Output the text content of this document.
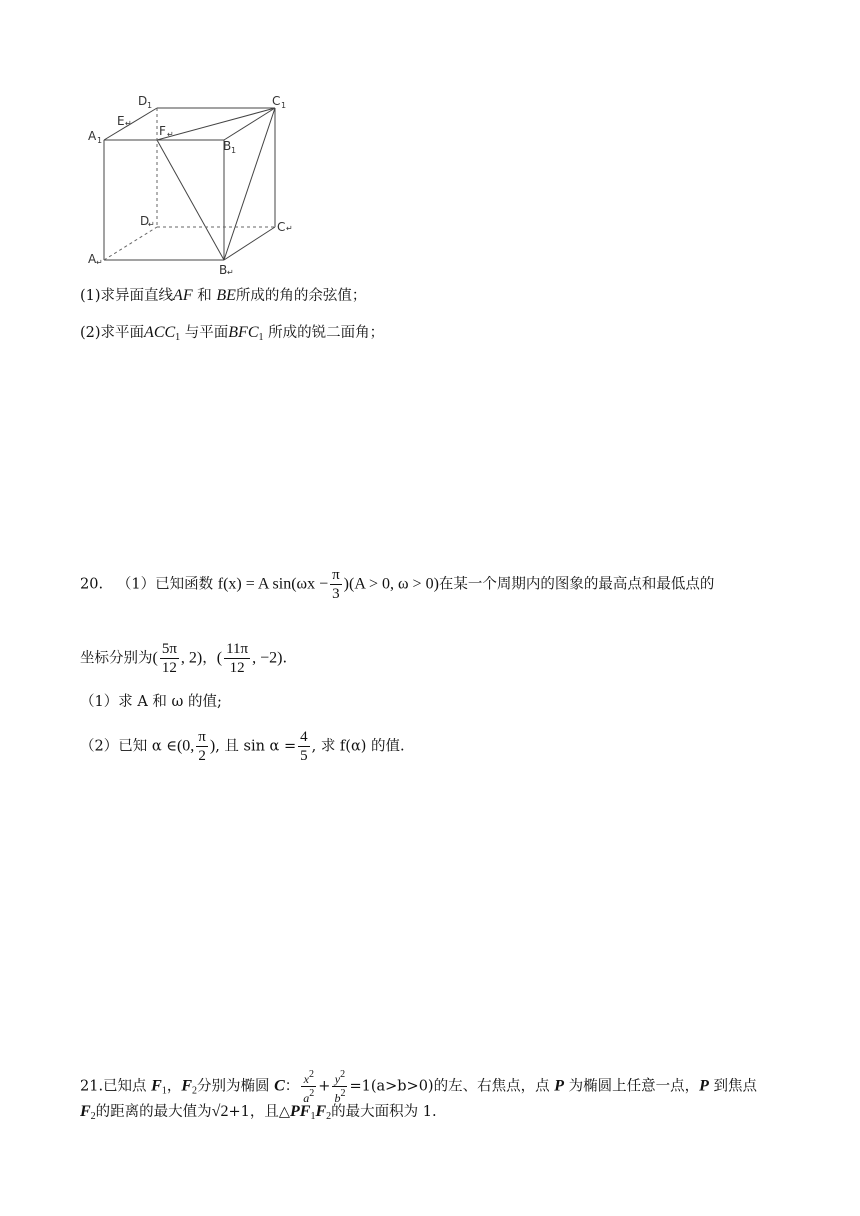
D 1	C 1
A 1
E ↵
F ↵
B 1
D
↵	C ↵
A ↵
B ↵
(1)求异面直线AF 和 BE所成的角的余弦值；
(2)求平面$ACC_1$ 与平面$BFC_1$ 所成的锐二面角；
20. （1）已知函数 f(x) = A $\sin(\omega x - \frac{\pi}{3} )(A > 0$, ω > 0)在某一个周期内的图象的最高点和最低点的
坐标分别为( $\frac{5\pi}{12}$ , 2)，( $\frac{11\pi}{12}$ , −2).
（1）求 A 和 ω 的值;
（2）已知 α ∈(0, $\frac{\pi}{2}$ ), 且 $\sin \alpha = \frac{4}{5}$ , 求 f(α) 的值.
21.已知点 $F_1$，$F_2$分别为椭圆 C： $\frac{x^2}{a^2} + \frac{y^2}{b^2} =1(a>b>0)$的左、右焦点，点 P 为椭圆上任意一点，P 到焦点
$F_2$的距离的最大值为√2+1，且$\triangle PF_1F_2$的最大面积为 1.
